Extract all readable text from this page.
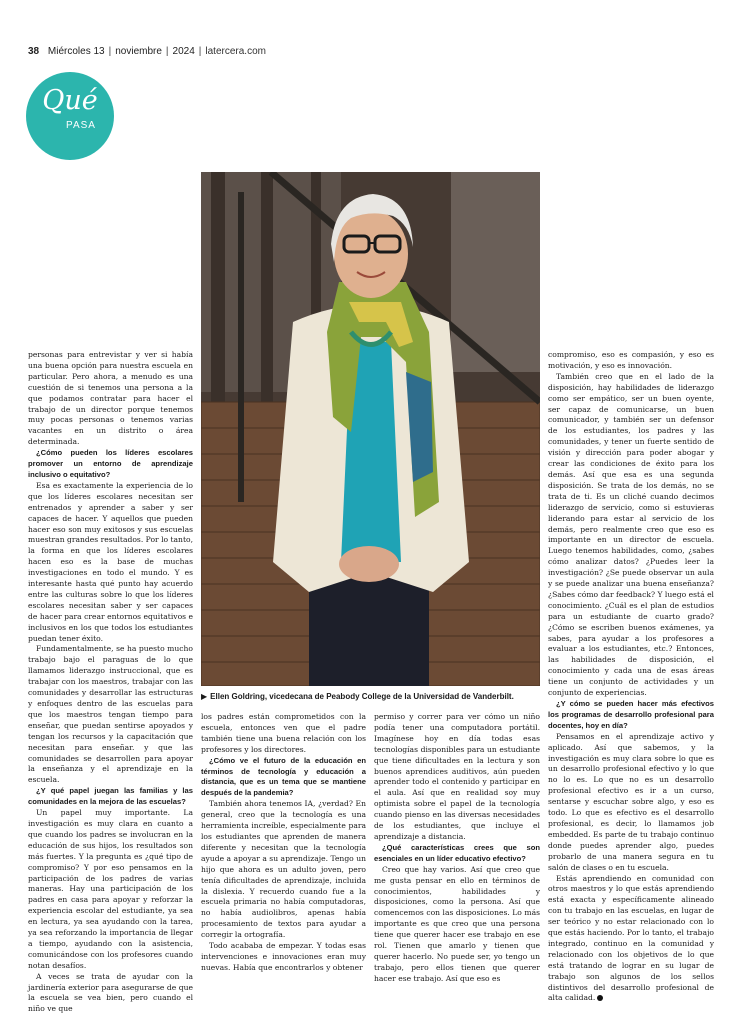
38 Miércoles 13 | noviembre | 2024 | latercera.com
Qué
PASA
▶ Ellen Goldring, vicedecana de Peabody College de la Universidad de Vanderbilt.

personas para entrevistar y ver si había una buena opción para nuestra escuela en particular. Pero ahora, a menudo es una cuestión de si tenemos una persona a la que podamos contratar para hacer el trabajo de un director porque tenemos muy pocas personas o tenemos varias vacantes en un distrito o área determinada.

¿Cómo pueden los líderes escolares promover un entorno de aprendizaje inclusivo o equitativo?

Esa es exactamente la experiencia de lo que los líderes escolares necesitan ser entrenados y aprender a saber y ser capaces de hacer. Y aquellos que pueden hacer eso son muy exitosos y sus escuelas muestran grandes resultados. Por lo tanto, la forma en que los líderes escolares hacen eso es la base de muchas investigaciones en todo el mundo. Y es interesante hasta qué punto hay acuerdo entre las culturas sobre lo que los líderes escolares necesitan saber y ser capaces de hacer para crear entornos equitativos e inclusivos en los que todos los estudiantes puedan tener éxito.

Fundamentalmente, se ha puesto mucho trabajo bajo el paraguas de lo que llamamos liderazgo instruccional, que es trabajar con los maestros, trabajar con las comunidades y desarrollar las estructuras y enfoques dentro de las escuelas para que los maestros tengan tiempo para enseñar, que puedan sentirse apoyados y tengan los recursos y la capacitación que necesitan para enseñar. y que las comunidades se desarrollen para apoyar la enseñanza y el aprendizaje en la escuela.

¿Y qué papel juegan las familias y las comunidades en la mejora de las escuelas?

Un papel muy importante. La investigación es muy clara en cuanto a que cuando los padres se involucran en la educación de sus hijos, los resultados son más fuertes. Y la pregunta es ¿qué tipo de compromiso? Y por eso pensamos en la participación de los padres de varias maneras. Hay una participación de los padres en casa para apoyar y reforzar la experiencia escolar del estudiante, ya sea en lectura, ya sea ayudando con la tarea, ya sea reforzando la importancia de llegar a tiempo, ayudando con la asistencia, comunicándose con los profesores cuando notan desafíos.

A veces se trata de ayudar con la jardinería exterior para asegurarse de que la escuela se vea bien, pero cuando el niño ve que

los padres están comprometidos con la escuela, entonces ven que el padre también tiene una buena relación con los profesores y los directores.

¿Cómo ve el futuro de la educación en términos de tecnología y educación a distancia, que es un tema que se mantiene después de la pandemia?

También ahora tenemos IA, ¿verdad? En general, creo que la tecnología es una herramienta increíble, especialmente para los estudiantes que aprenden de manera diferente y necesitan que la tecnología ayude a apoyar a su aprendizaje. Tengo un hijo que ahora es un adulto joven, pero tenía dificultades de aprendizaje, incluida la dislexia. Y recuerdo cuando fue a la escuela primaria no había computadoras, no había audiolibros, apenas había procesamiento de textos para ayudar a corregir la ortografía.

Todo acababa de empezar. Y todas esas intervenciones e innovaciones eran muy nuevas. Había que encontrarlos y obtener

permiso y correr para ver cómo un niño podía tener una computadora portátil. Imagínese hoy en día todas esas tecnologías disponibles para un estudiante que tiene dificultades en la lectura y son buenos aprendices auditivos, aún pueden aprender todo el contenido y participar en el aula. Así que en realidad soy muy optimista sobre el papel de la tecnología cuando pienso en las diversas necesidades de los estudiantes, que incluye el aprendizaje a distancia.

¿Qué características crees que son esenciales en un líder educativo efectivo?

Creo que hay varios. Así que creo que me gusta pensar en ello en términos de conocimientos, habilidades y disposiciones, como la persona. Así que comencemos con las disposiciones. Lo más importante es que creo que una persona tiene que querer hacer ese trabajo en ese rol. Tienen que amarlo y tienen que querer hacerlo. No puede ser, yo tengo un trabajo, pero ellos tienen que querer hacer ese trabajo. Así que eso es

compromiso, eso es compasión, y eso es motivación, y eso es innovación.

También creo que en el lado de la disposición, hay habilidades de liderazgo como ser empático, ser un buen oyente, ser capaz de comunicarse, un buen comunicador, y también ser un defensor de los estudiantes, los padres y las comunidades, y tener un fuerte sentido de visión y dirección para poder abogar y crear las condiciones de éxito para los demás. Así que esa es una segunda disposición. Se trata de los demás, no se trata de ti. Es un cliché cuando decimos liderazgo de servicio, como si estuvieras liderando para estar al servicio de los demás, pero realmente creo que eso es importante en un director de escuela. Luego tenemos habilidades, como, ¿sabes cómo analizar datos? ¿Puedes leer la investigación? ¿Se puede observar un aula y se puede analizar una buena enseñanza? ¿Sabes cómo dar feedback? Y luego está el conocimiento. ¿Cuál es el plan de estudios para un estudiante de cuarto grado? ¿Cómo se escriben buenos exámenes, ya sabes, para ayudar a los profesores a evaluar a los estudiantes, etc.? Entonces, las habilidades de disposición, el conocimiento y cada una de esas áreas tiene un conjunto de actividades y un conjunto de experiencias.

¿Y cómo se pueden hacer más efectivos los programas de desarrollo profesional para docentes, hoy en día?

Pensamos en el aprendizaje activo y aplicado. Así que sabemos, y la investigación es muy clara sobre lo que es un desarrollo profesional efectivo y lo que no lo es. Lo que no es un desarrollo profesional efectivo es ir a un curso, sentarse y escuchar sobre algo, y eso es todo. Lo que es efectivo es el desarrollo profesional, es decir, lo llamamos job embedded. Es parte de tu trabajo continuo donde puedes aprender algo, puedes probarlo de una manera segura en tu salón de clases o en tu escuela.

Estás aprendiendo en comunidad con otros maestros y lo que estás aprendiendo está exacta y específicamente alineado con tu trabajo en las escuelas, en lugar de ser teórico y no estar relacionado con lo que estás haciendo. Por lo tanto, el trabajo integrado, continuo en la comunidad y relacionado con los objetivos de lo que está tratando de lograr en su lugar de trabajo son algunos de los sellos distintivos del desarrollo profesional de alta calidad.
